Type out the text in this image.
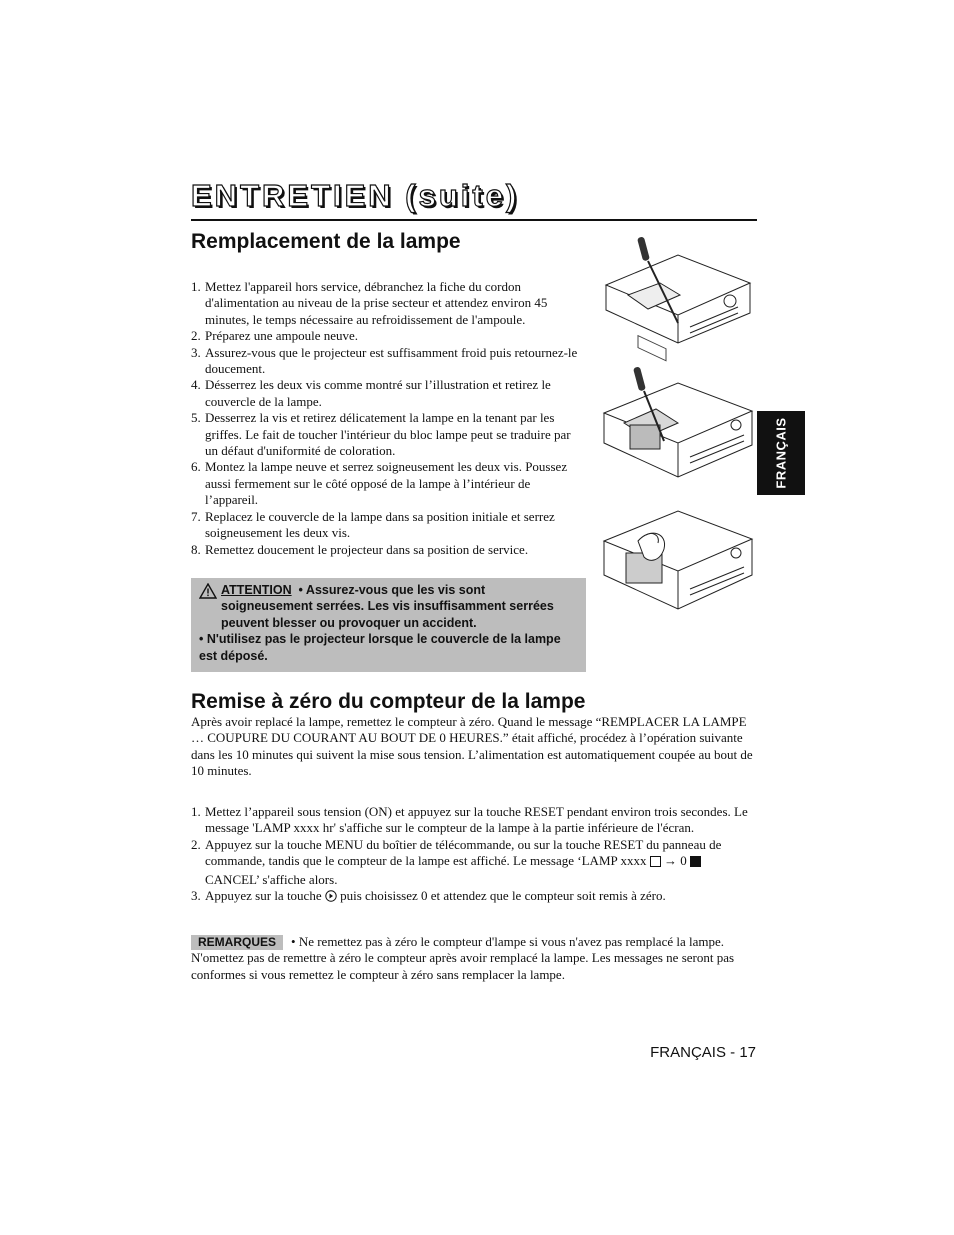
ENTRETIEN (suite)
Remplacement de la lampe
1. Mettez l'appareil hors service, débranchez la fiche du cordon d'alimentation au niveau de la prise secteur et attendez environ 45 minutes, le temps nécessaire au refroidissement de l'ampoule.
2. Préparez une ampoule neuve.
3. Assurez-vous que le projecteur est suffisamment froid puis retournez-le doucement.
4. Désserrez les deux vis comme montré sur l’illustration et retirez le couvercle de la lampe.
5. Desserrez la vis et retirez délicatement la lampe en la tenant par les griffes. Le fait de toucher l'intérieur du bloc lampe peut se traduire par un défaut d'uniformité de coloration.
6. Montez la lampe neuve et serrez soigneusement les deux vis. Poussez aussi fermement sur le côté opposé de la lampe à l’intérieur de l’appareil.
7. Replacez le couvercle de la lampe dans sa position initiale et serrez soigneusement les deux vis.
8. Remettez doucement le projecteur dans sa position de service.
ATTENTION • Assurez-vous que les vis sont soigneusement serrées. Les vis insuffisamment serrées peuvent blesser ou provoquer un accident.
• N'utilisez pas le projecteur lorsque le couvercle de la lampe est déposé.
FRANÇAIS
Remise à zéro du compteur de la lampe
Après avoir replacé la lampe, remettez le compteur à zéro. Quand le message “REMPLACER LA LAMPE … COUPURE DU COURANT AU BOUT DE 0 HEURES.” était affiché, procédez à l’opération suivante dans les 10 minutes qui suivent la mise sous tension. L’alimentation est automatiquement coupée au bout de 10 minutes.
1. Mettez l’appareil sous tension (ON) et appuyez sur la touche RESET pendant environ trois secondes. Le message 'LAMP xxxx hr' s'affiche sur le compteur de la lampe à la partie inférieure de l'écran.
2. Appuyez sur la touche MENU du boîtier de télécommande, ou sur la touche RESET du panneau de commande, tandis que le compteur de la lampe est affiché. Le message ‘LAMP xxxx → 0  CANCEL’ s'affiche alors.
3. Appuyez sur la touche puis choisissez 0 et attendez que le compteur soit remis à zéro.
REMARQUES • Ne remettez pas à zéro le compteur d'lampe si vous n'avez pas remplacé la lampe. N'omettez pas de remettre à zéro le compteur après avoir remplacé la lampe. Les messages ne seront pas conformes si vous remettez le compteur à zéro sans remplacer la lampe.
FRANÇAIS - 17
